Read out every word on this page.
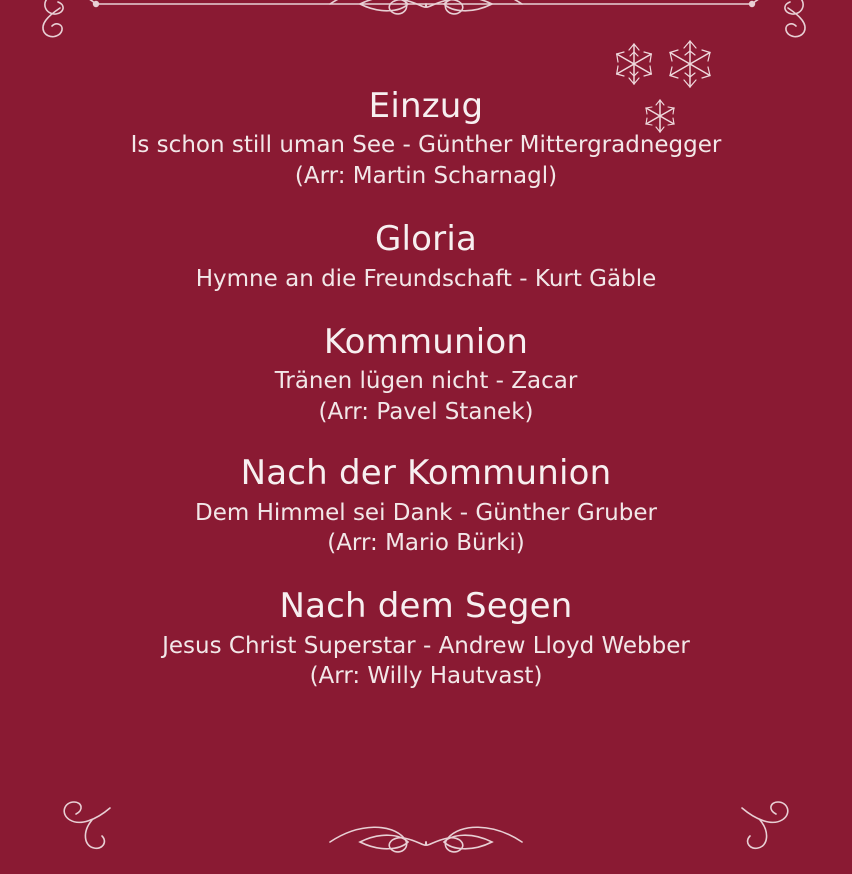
Einzug
Is schon still uman See - Günther Mittergradnegger
(Arr: Martin Scharnagl)
Gloria
Hymne an die Freundschaft - Kurt Gäble
Kommunion
Tränen lügen nicht - Zacar
(Arr: Pavel Stanek)
Nach der Kommunion
Dem Himmel sei Dank - Günther Gruber
(Arr: Mario Bürki)
Nach dem Segen
Jesus Christ Superstar - Andrew Lloyd Webber
(Arr: Willy Hautvast)
